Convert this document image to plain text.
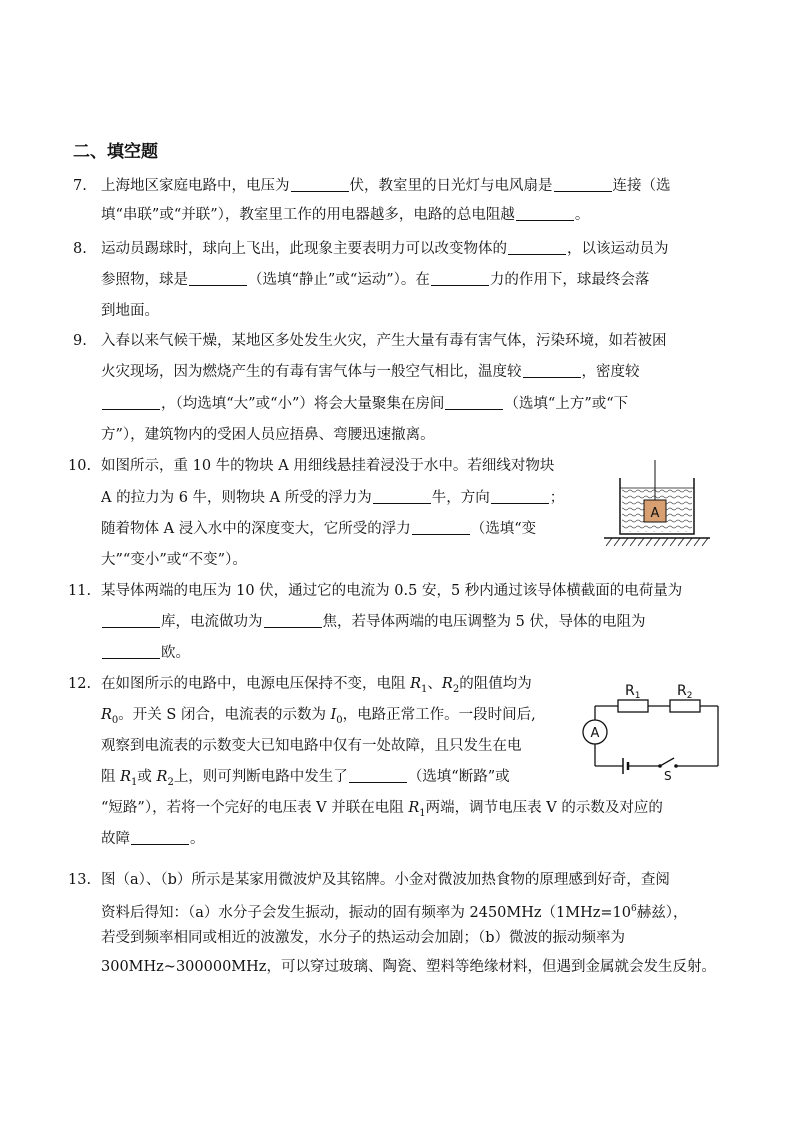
二、填空题
7. 上海地区家庭电路中，电压为	伏，教室里的日光灯与电风扇是	连接（选
填“串联”或“并联”），教室里工作的用电器越多，电路的总电阻越	。
8. 运动员踢球时，球向上飞出，此现象主要表明力可以改变物体的	，以该运动员为
参照物，球是	（选填“静止”或“运动”）。在	力的作用下，球最终会落
到地面。
9. 入春以来气候干燥，某地区多处发生火灾，产生大量有毒有害气体，污染环境，如若被困
火灾现场，因为燃烧产生的有毒有害气体与一般空气相比，温度较	，密度较
，（均选填“大”或“小”）将会大量聚集在房间	（选填“上方”或“下
方”），建筑物内的受困人员应捂鼻、弯腰迅速撤离。
10. 如图所示，重 10 牛的物块 A 用细线悬挂着浸没于水中。若细线对物块
A 的拉力为 6 牛，则物块 A 所受的浮力为	牛，方向	；
随着物体 A 浸入水中的深度变大，它所受的浮力	（选填“变
大”“变小”或“不变”）。
A
11. 某导体两端的电压为 10 伏，通过它的电流为 0.5 安，5 秒内通过该导体横截面的电荷量为
库，电流做功为	焦，若导体两端的电压调整为 5 伏，导体的电阻为
欧。
12. 在如图所示的电路中，电源电压保持不变，电阻 $R_1$、$R_2$的阻值均为
$R_0$。开关 S 闭合，电流表的示数为 $I_0$，电路正常工作。一段时间后,
观察到电流表的示数变大已知电路中仅有一处故障，且只发生在电
阻 $R_1$或 $R_2$上，则可判断电路中发生了	（选填“断路”或
“短路”），若将一个完好的电压表 V 并联在电阻 $R_1$两端，调节电压表 V 的示数及对应的
故障	。
A
$R_1$	$R_2$
S
13. 图（a）、（b）所示是某家用微波炉及其铭牌。小金对微波加热食物的原理感到好奇，查阅
资料后得知：（a）水分子会发生振动，振动的固有频率为 $2450MHz(1MHz=10^6$赫兹），
若受到频率相同或相近的波激发，水分子的热运动会加剧；（b）微波的振动频率为
300MHz~300000MHz，可以穿过玻璃、陶瓷、塑料等绝缘材料，但遇到金属就会发生反射。
